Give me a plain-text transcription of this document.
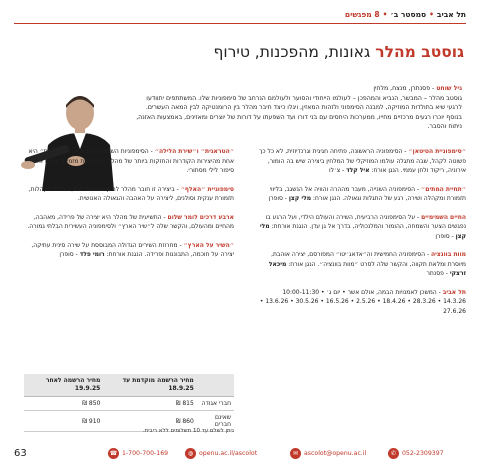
תל אביב
•
סמסטר ב׳
•
8 מפגשים
גוסטב מהלר גאונות, מהפכנות, טירוף
גיל שוחט - פסנתרן, מנצח, מלחין
גוסטב מהלר – המבשר, הנביא והמהפכן – לעולמו הייחודי והסוער ולעולמם הנרחב של סימפוניות שלו. המשתתפים יתוודעו לרגעי שיא בתולדות המוזיקה, למבנה הסימפוני ולזהות המאזין, ויגלו כיצד חיבר מהלר בין הרומנטיקה לבין המאה העשרים. בנוסף יוכרו רגעים מרכזיים מחייו, ממערכות היחסים עם בני דורו ועד השפעתו על דורות של יוצרים ומאזינים, באמצעות האזנה, ניתוח והסבר.
״סימפוניית הטיטאן״ - הסימפוניה הראשונה, פתיחה חגיגית וגרנדיוזית, לא כל כך פשוטה לקהל, שבה מתגלה עולמו המוזיקלי של המלחין ביצירה שיש בה הומור, אירוניה, ריקוד ולחן עממי. הנגן אורח: איל קלד - צ׳לו
״תחיית המתים״ - הסימפוניה השנייה, מעבר מההרה והוויה אל הנשגב, בליווי תזמורת ומקהלה ושירה, רגע של התגלות וגאולה. הנגן אורח: מלי קצן - סופרן
החיים השמימיים - על הסימפוניה הרביעית, השירה והעולם הילדי, ועל הרגע בו נפגשים הצער והשמחה, ההומור והמלנכוליה, בדרך אל גן עדן. הנגנת אורחת: מלי קצן - סופרן
מוות בוונציה - הסימפוניה החמישית וה״אדאג׳יטו״ המפורסם, יצירה אוהבת, מיוסרת ומלאת תקווה, והקשר שלה לסרט ״מוות בוונציה״. הנגן אורח: מיכאל זרצקי - פסנתר
תל אביב - המשכן לאמנויות הבמה, אולם אשר • יום ג׳ • 10:00-11:30
14.3.26 • 28.3.26 • 18.4.26 • 2.5.26 • 16.5.26 • 30.5.26 • 13.6.26 • 27.6.26
״הטראגית״ ו״שירת הלילה״ - הסימפוניות השישית והשביעית, ה״טראגית״ היא אחת מהיצירות הקודרות והחזקות ביותר של מהלר, והשביעית מזמינה אותנו אל סיפור לילי מסתורי.
סימפוניית ״האלף״ - ביצירה זו חובר מהלר לחזון האוטופי שלו, הכולל מקהלות, תזמורת ענקית וסולנים, ליצירה על האהבה והגאולה האנושית.
ארבע דרכים לומר שלום - התשיעית של מהלר היא יצירה של פרידה, מאהבה, מהחיים ומהעולם, והקשר שלה ל״שיר הארץ״ ולסימפוניה העשירית הבלתי גמורה.
״השיר על הארץ״ - מחרוזת השירים הגדולה המבוססת על שירה סינית עתיקה, יצירה על חוכמה, התבוננות ופרידה. הנגנת אורחת: רומי פלד - סופרן
	מחיר הרשמה מוקדמת עד 18.9.25	מחיר הרשמה לאחר 19.9.25
חברי אגודה	815 ₪	850 ₪
שאינם חברים	860 ₪	910 ₪
ניתן לשלם עד 10 תשלומים ללא ריבית.
63	☎ 1-700-700-169	◍ openu.ac.il/ascolot	✉ ascolot@openu.ac.il	✆ 052-2309397
